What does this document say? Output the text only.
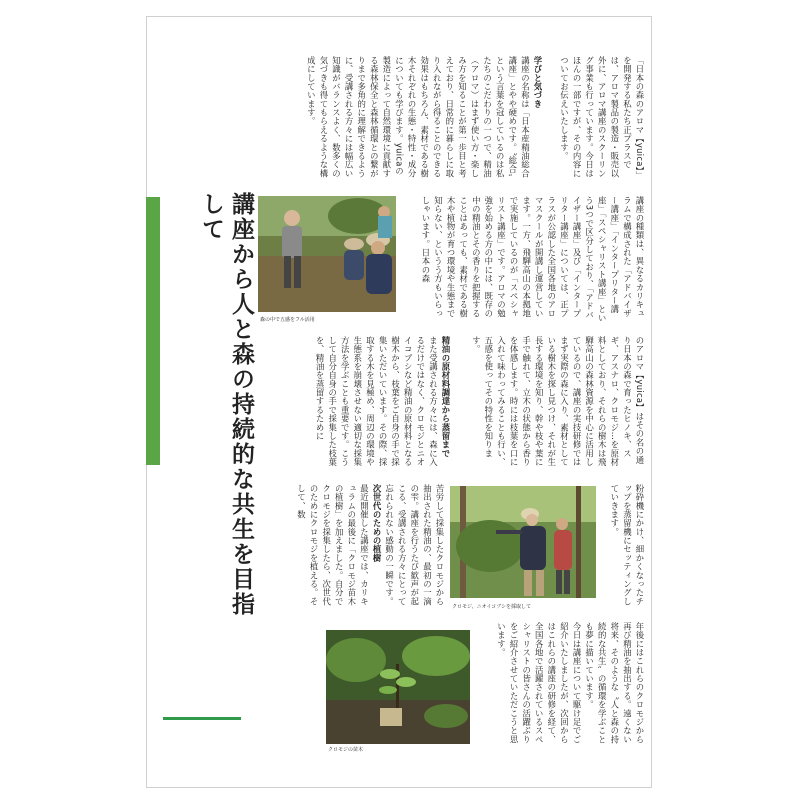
講座から人と森の持続的な共生を目指して

「日本の森のアロマ【yuica】」を開発する私たち正プラスでは、アロマ製品の製造・販売以外に、アロマ講座のスクーリング事業も行っています。今日はほんの一部ですが、その内容についてお伝えいたします。

学びと気づき

講座の名称は「日本産精油総合講座」とやや硬めです。〝総合〟という言葉を冠しているのは私たちのこだわりの一つで、精油（アロマ）はまず使い方・楽しみ方を知ることが第一歩目と考えており、日常的に暮らしに取り入れながら得ることのできる効果はもちろん、素材である樹木それぞれの生態・特性・成分についても学びます。yuicaの製造によって自然環境に貢献する森林保全と森林循環との繋がりまで多角的に理解できるように、受講される方々には幅広い知識がバランスよく、数多くの気づきも得てもらえるような構成にしています。

講座の種類は、異なるカリキュラムで構成された「アドバイザー講座」「インタープリター講座」「スペシャリスト講座」という3つで区分しており、「アドバイザー講座」及び「インタープリター講座」については、正プラスが公認した全国各地のアロマスクールが開講し運営しています。一方、飛騨高山の本拠地で実施しているのが「スペシャリスト講座」です。アロマの勉強を始める方の中には、既存の中の精油とその香りを把握することはあっても、素材である樹木や植物が育つ環境や生態まで知らない、というう方もいらっしゃいます。日本の森

のアロマ【yuica】はその名の通り日本の森で育ったヒノキ、スギ、アスナロ、クロモジ…を原材料としており、それらの樹木は飛騨高山の森林資源を中心に活用しているので、講座の実技研修ではまず実際の森に入り、素材としている樹木を探し見つけ、それが生長する環境を知り、幹や枝や葉に手で触れて、立木の状態から香りを体感します。時には枝葉を口に入れて味わってみることも行い、五感を使ってその特性を知ります。

精油の原材料調達から蒸留まで

また受講される方々には、森に入るだけではなく、クロモジとニオイコブシなど精油の原材料となる樹木から、枝葉をご自身の手で採集いただいています。その際、採取する木を見極め、周辺の環境や生態系を崩壊させない適切な採集方法を学ぶことも重要です。こうして自分自身の手で採集した枝葉を、精油を蒸留するために

粉砕機にかけ、細かくなったチップを蒸留機にセッティングしていきます。

苦労して採集したクロモジから抽出された精油の、最初の一滴の雫。講座を行うたび歓声が起こる、受講される方々にとって忘れられない感動の一瞬です。

次世代のための植樹

最近開催した講座では、カリキュラムの最後に「クロモジ苗木の植樹」を加えました。自分でクロモジを採集したら、次世代のためにクロモジを植える。そして、数

年後にはこれらのクロモジから再び精油を抽出する。遠くない将来、そのような〝人と森の持続的な共生〟の循環を学ぶことも夢に描いています。

今日は講座について駆け足でご紹介いたしましたが、次回からはこれらの講座の研修を経て、全国各地で活躍されているスペシャリストの皆さんの活躍ぶりをご紹介させていただこうと思います。

森の中で五感をフル活用
クロモジ、ニオイコブシを採取して
クロモジの苗木
